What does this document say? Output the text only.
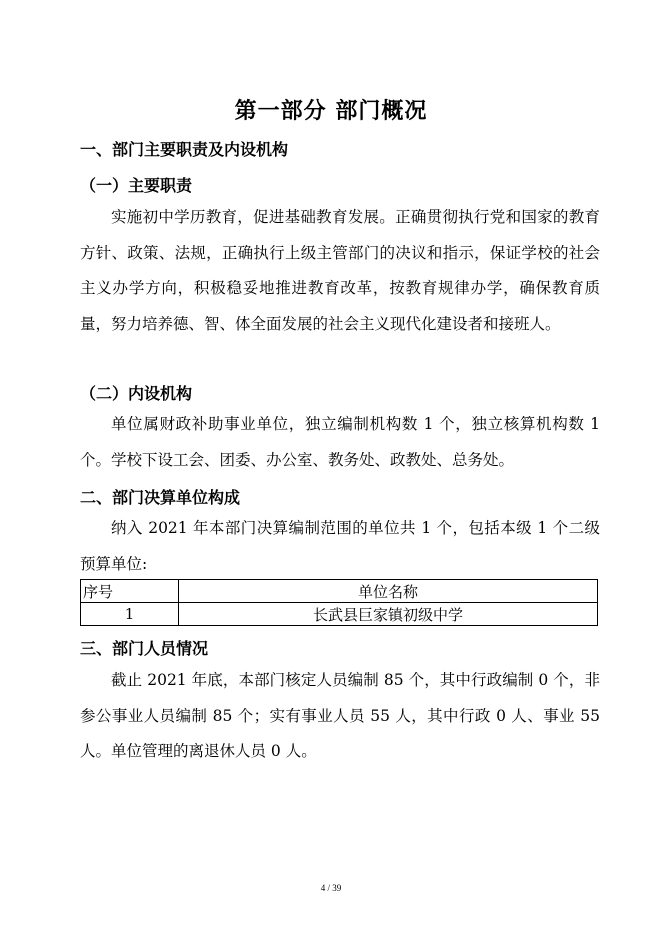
第一部分 部门概况
一、部门主要职责及内设机构
（一）主要职责

实施初中学历教育，促进基础教育发展。正确贯彻执行党和国家的教育方针、政策、法规，正确执行上级主管部门的决议和指示，保证学校的社会主义办学方向，积极稳妥地推进教育改革，按教育规律办学，确保教育质量，努力培养德、智、体全面发展的社会主义现代化建设者和接班人。

（二）内设机构

单位属财政补助事业单位，独立编制机构数 1 个，独立核算机构数 1 个。学校下设工会、团委、办公室、教务处、政教处、总务处。

二、部门决算单位构成

纳入 2021 年本部门决算编制范围的单位共 1 个，包括本级 1 个二级预算单位:

序号	单位名称
1	长武县巨家镇初级中学
三、部门人员情况

截止 2021 年底，本部门核定人员编制 85 个，其中行政编制 0 个，非参公事业人员编制 85 个；实有事业人员 55 人，其中行政 0 人、事业 55 人。单位管理的离退休人员 0 人。

4 / 39
